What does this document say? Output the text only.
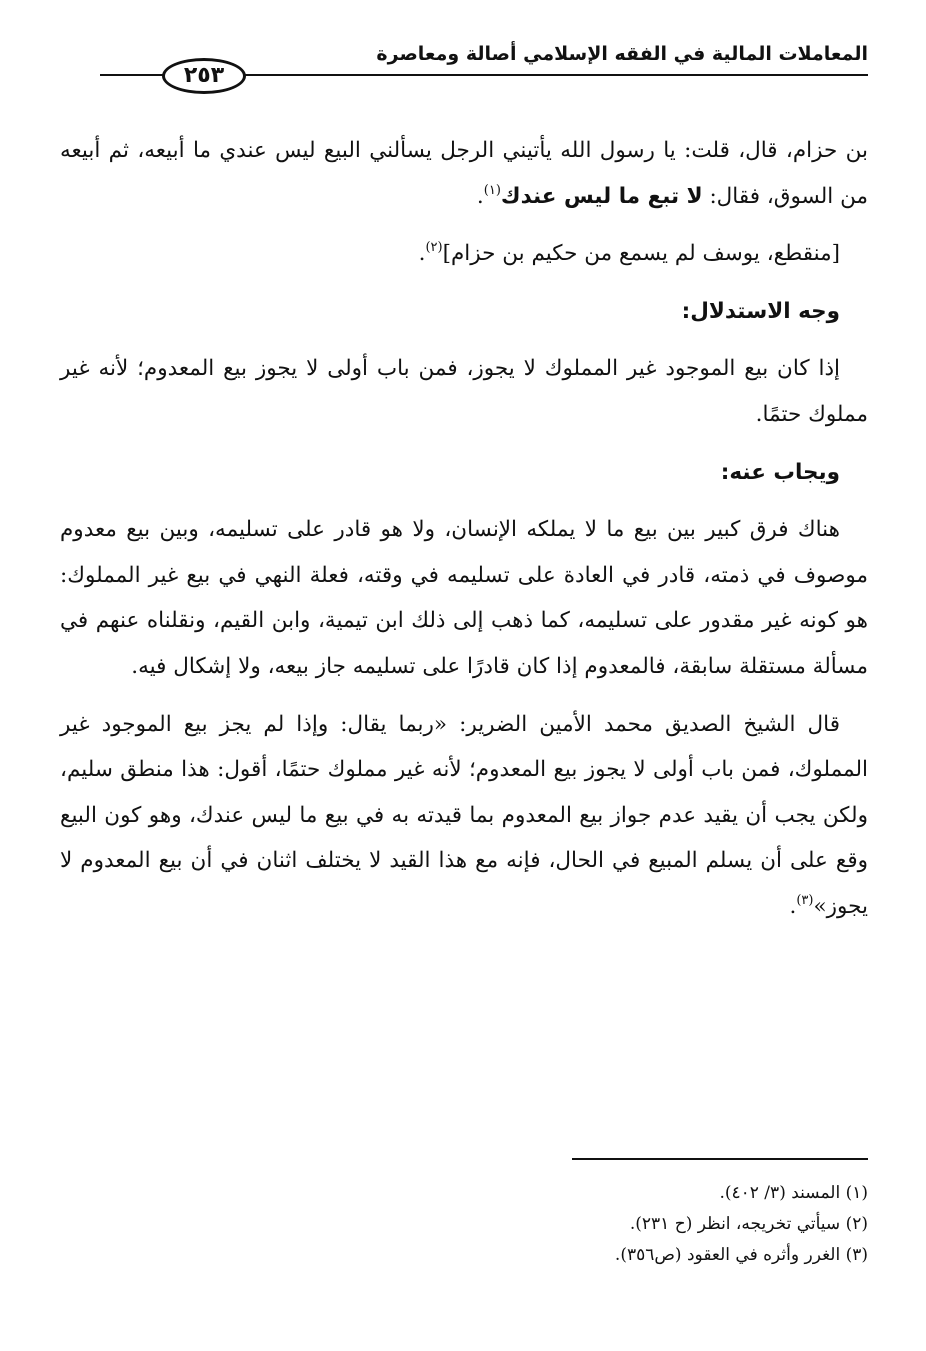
المعاملات المالية في الفقه الإسلامي أصالة ومعاصرة
٢٥٣

بن حزام، قال، قلت: يا رسول الله يأتيني الرجل يسألني البيع ليس عندي ما أبيعه، ثم أبيعه من السوق، فقال: لا تبع ما ليس عندك$^{(١)}$.

[منقطع، يوسف لم يسمع من حكيم بن حزام]$^{(٢)}$.

وجه الاستدلال:

إذا كان بيع الموجود غير المملوك لا يجوز، فمن باب أولى لا يجوز بيع المعدوم؛ لأنه غير مملوك حتمًا.

ويجاب عنه:

هناك فرق كبير بين بيع ما لا يملكه الإنسان، ولا هو قادر على تسليمه، وبين بيع معدوم موصوف في ذمته، قادر في العادة على تسليمه في وقته، فعلة النهي في بيع غير المملوك: هو كونه غير مقدور على تسليمه، كما ذهب إلى ذلك ابن تيمية، وابن القيم، ونقلناه عنهم في مسألة مستقلة سابقة، فالمعدوم إذا كان قادرًا على تسليمه جاز بيعه، ولا إشكال فيه.

قال الشيخ الصديق محمد الأمين الضرير: «ربما يقال: وإذا لم يجز بيع الموجود غير المملوك، فمن باب أولى لا يجوز بيع المعدوم؛ لأنه غير مملوك حتمًا، أقول: هذا منطق سليم، ولكن يجب أن يقيد عدم جواز بيع المعدوم بما قيدته به في بيع ما ليس عندك، وهو كون البيع وقع على أن يسلم المبيع في الحال، فإنه مع هذا القيد لا يختلف اثنان في أن بيع المعدوم لا يجوز»$^{(٣)}$.

(١) المسند (٣/ ٤٠٢).

(٢) سيأتي تخريجه، انظر (ح ٢٣١).

(٣) الغرر وأثره في العقود (ص٣٥٦).
